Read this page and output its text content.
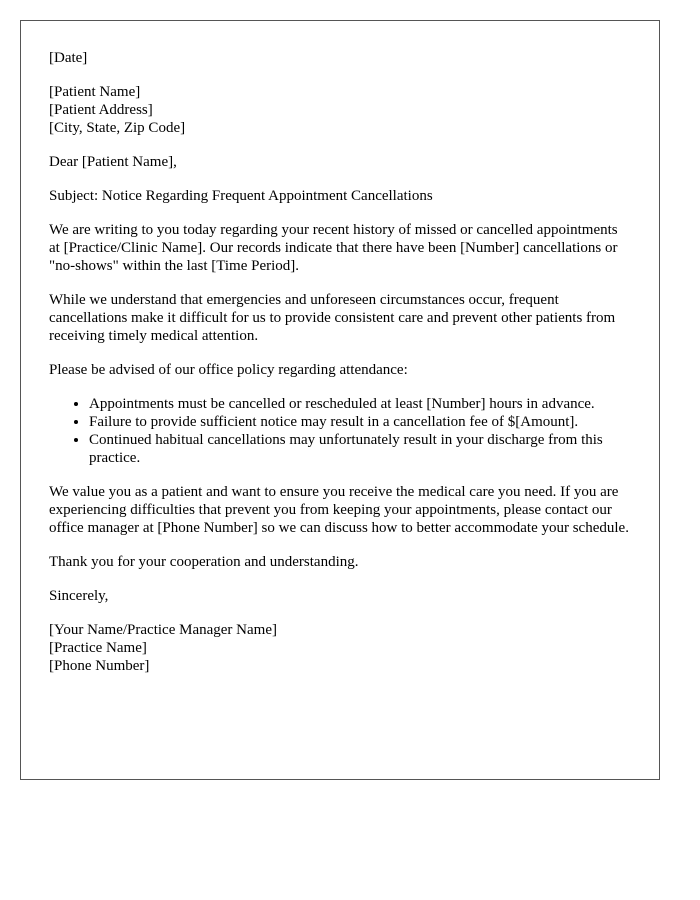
[Date]

[Patient Name]
[Patient Address]
[City, State, Zip Code]

Dear [Patient Name],

Subject: Notice Regarding Frequent Appointment Cancellations

We are writing to you today regarding your recent history of missed or cancelled appointments at [Practice/Clinic Name]. Our records indicate that there have been [Number] cancellations or "no-shows" within the last [Time Period].

While we understand that emergencies and unforeseen circumstances occur, frequent cancellations make it difficult for us to provide consistent care and prevent other patients from receiving timely medical attention.

Please be advised of our office policy regarding attendance:

• Appointments must be cancelled or rescheduled at least [Number] hours in advance.
• Failure to provide sufficient notice may result in a cancellation fee of $[Amount].
• Continued habitual cancellations may unfortunately result in your discharge from this practice.

We value you as a patient and want to ensure you receive the medical care you need. If you are experiencing difficulties that prevent you from keeping your appointments, please contact our office manager at [Phone Number] so we can discuss how to better accommodate your schedule.

Thank you for your cooperation and understanding.

Sincerely,

[Your Name/Practice Manager Name]
[Practice Name]
[Phone Number]
